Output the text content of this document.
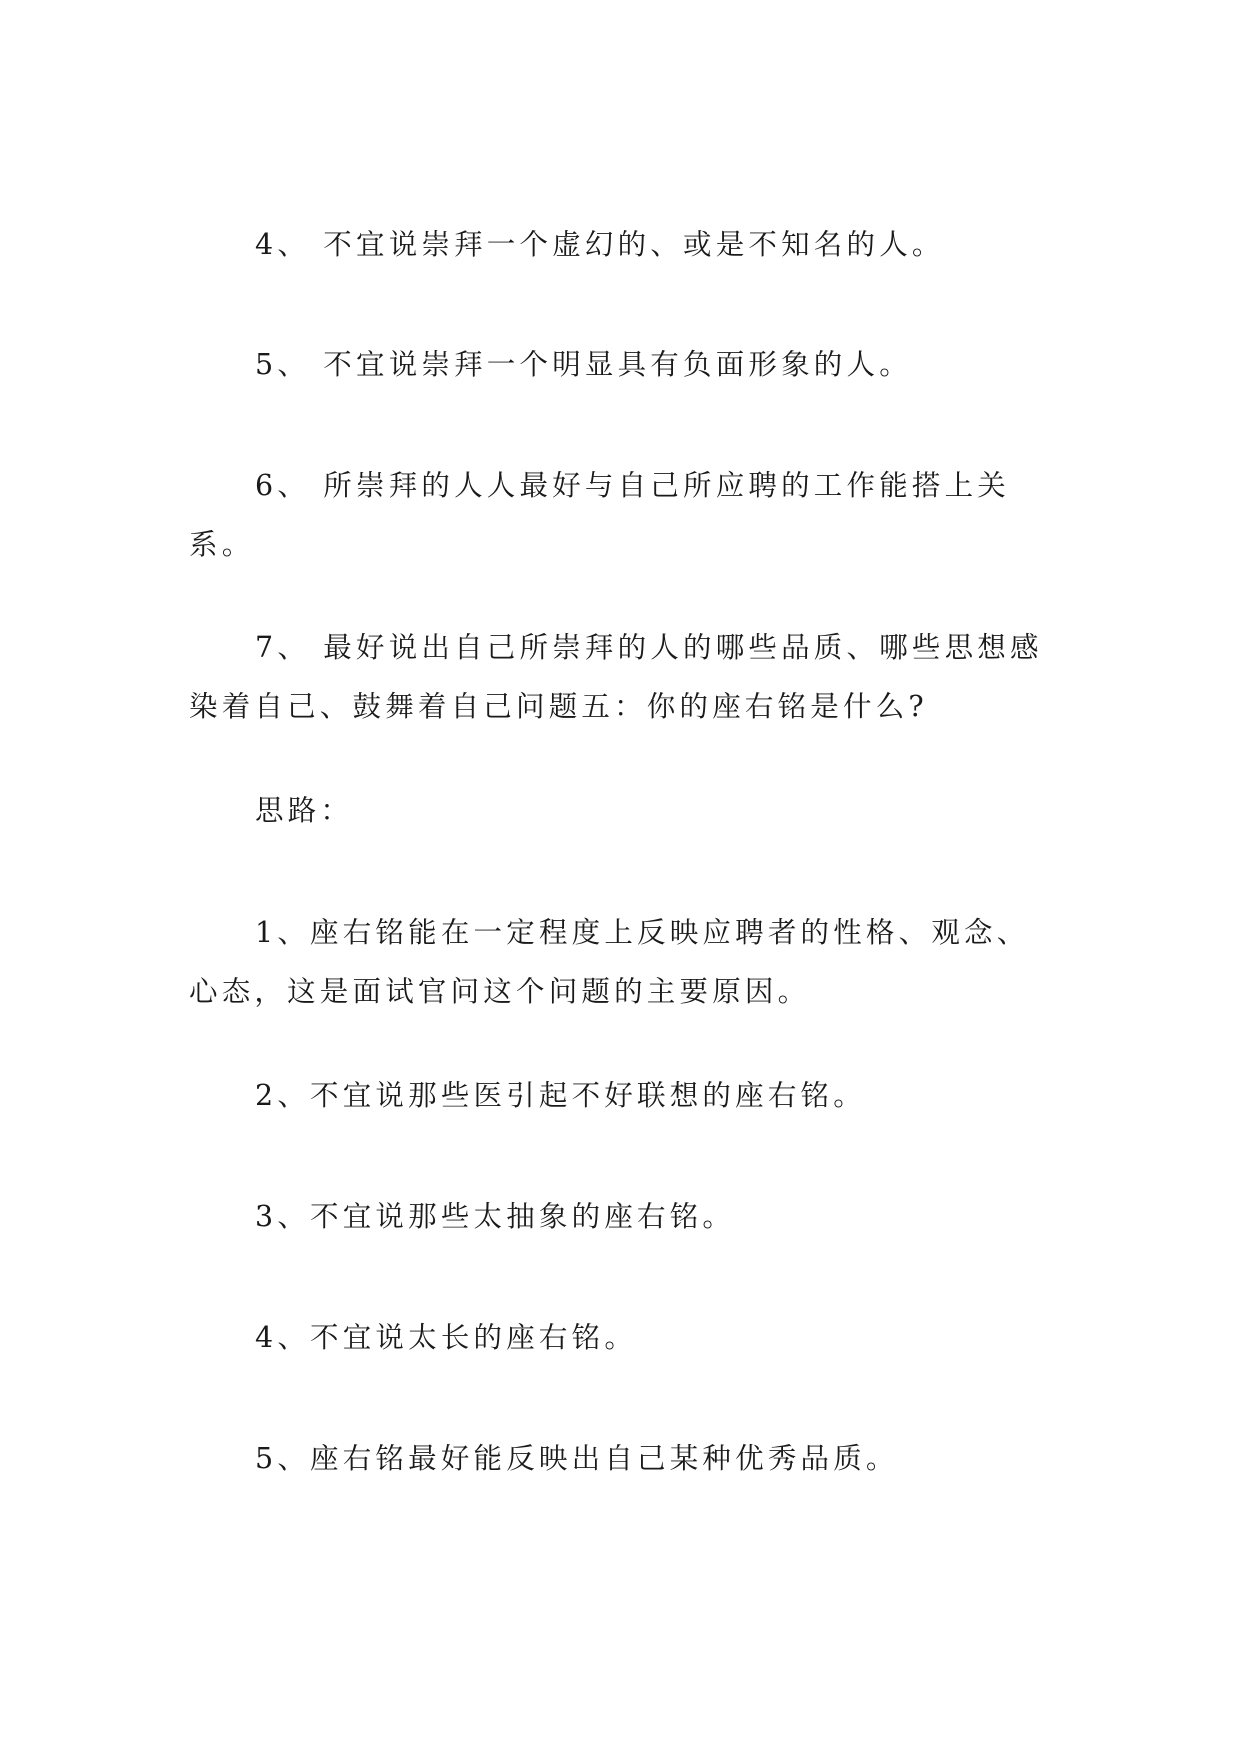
4、 不宜说崇拜一个虚幻的、或是不知名的人。

5、 不宜说崇拜一个明显具有负面形象的人。

6、 所崇拜的人人最好与自己所应聘的工作能搭上关系。

7、 最好说出自己所崇拜的人的哪些品质、哪些思想感染着自己、鼓舞着自己问题五：你的座右铭是什么?

思路：

1、座右铭能在一定程度上反映应聘者的性格、观念、心态，这是面试官问这个问题的主要原因。

2、不宜说那些医引起不好联想的座右铭。

3、不宜说那些太抽象的座右铭。

4、不宜说太长的座右铭。

5、座右铭最好能反映出自己某种优秀品质。
